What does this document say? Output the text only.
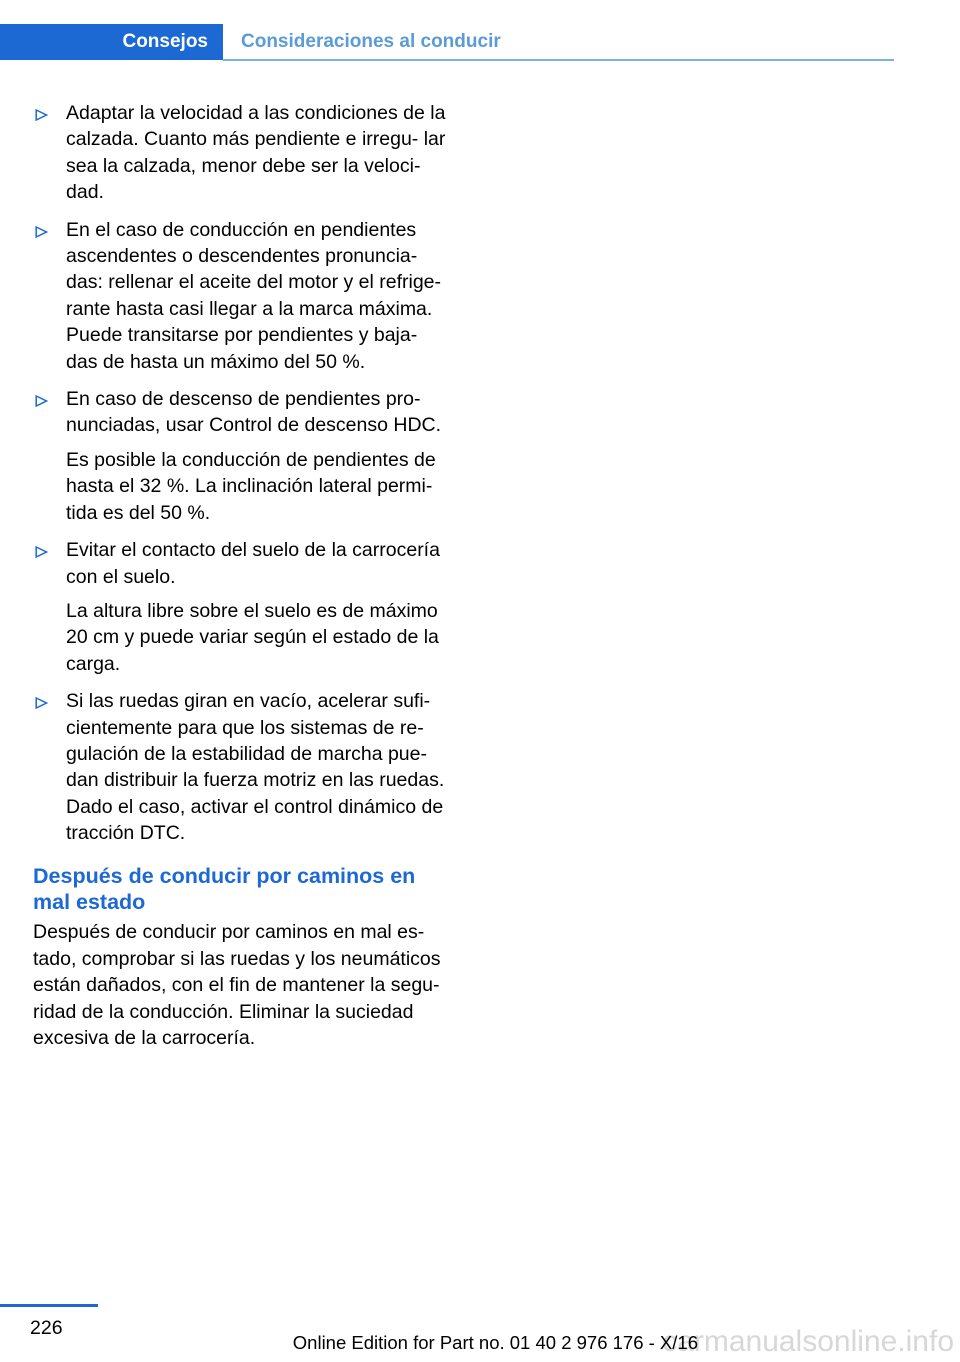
Consejos	Consideraciones al conducir

Adaptar la velocidad a las condiciones de la calzada. Cuanto más pendiente e irregu‐ lar sea la calzada, menor debe ser la veloci‐ dad.

En el caso de conducción en pendientes ascendentes o descendentes pronuncia‐ das: rellenar el aceite del motor y el refrige‐ rante hasta casi llegar a la marca máxima. Puede transitarse por pendientes y baja‐ das de hasta un máximo del 50 %.

En caso de descenso de pendientes pro‐ nunciadas, usar Control de descenso HDC.

Es posible la conducción de pendientes de hasta el 32 %. La inclinación lateral permi‐ tida es del 50 %.

Evitar el contacto del suelo de la carrocería con el suelo.

La altura libre sobre el suelo es de máximo 20 cm y puede variar según el estado de la carga.

Si las ruedas giran en vacío, acelerar sufi‐ cientemente para que los sistemas de re‐ gulación de la estabilidad de marcha pue‐ dan distribuir la fuerza motriz en las ruedas. Dado el caso, activar el control dinámico de tracción DTC.

Después de conducir por caminos en mal estado

Después de conducir por caminos en mal es‐ tado, comprobar si las ruedas y los neumáticos están dañados, con el fin de mantener la segu‐ ridad de la conducción. Eliminar la suciedad excesiva de la carrocería.

226	carmanualsonline.info
Online Edition for Part no. 01 40 2 976 176 - X/16
